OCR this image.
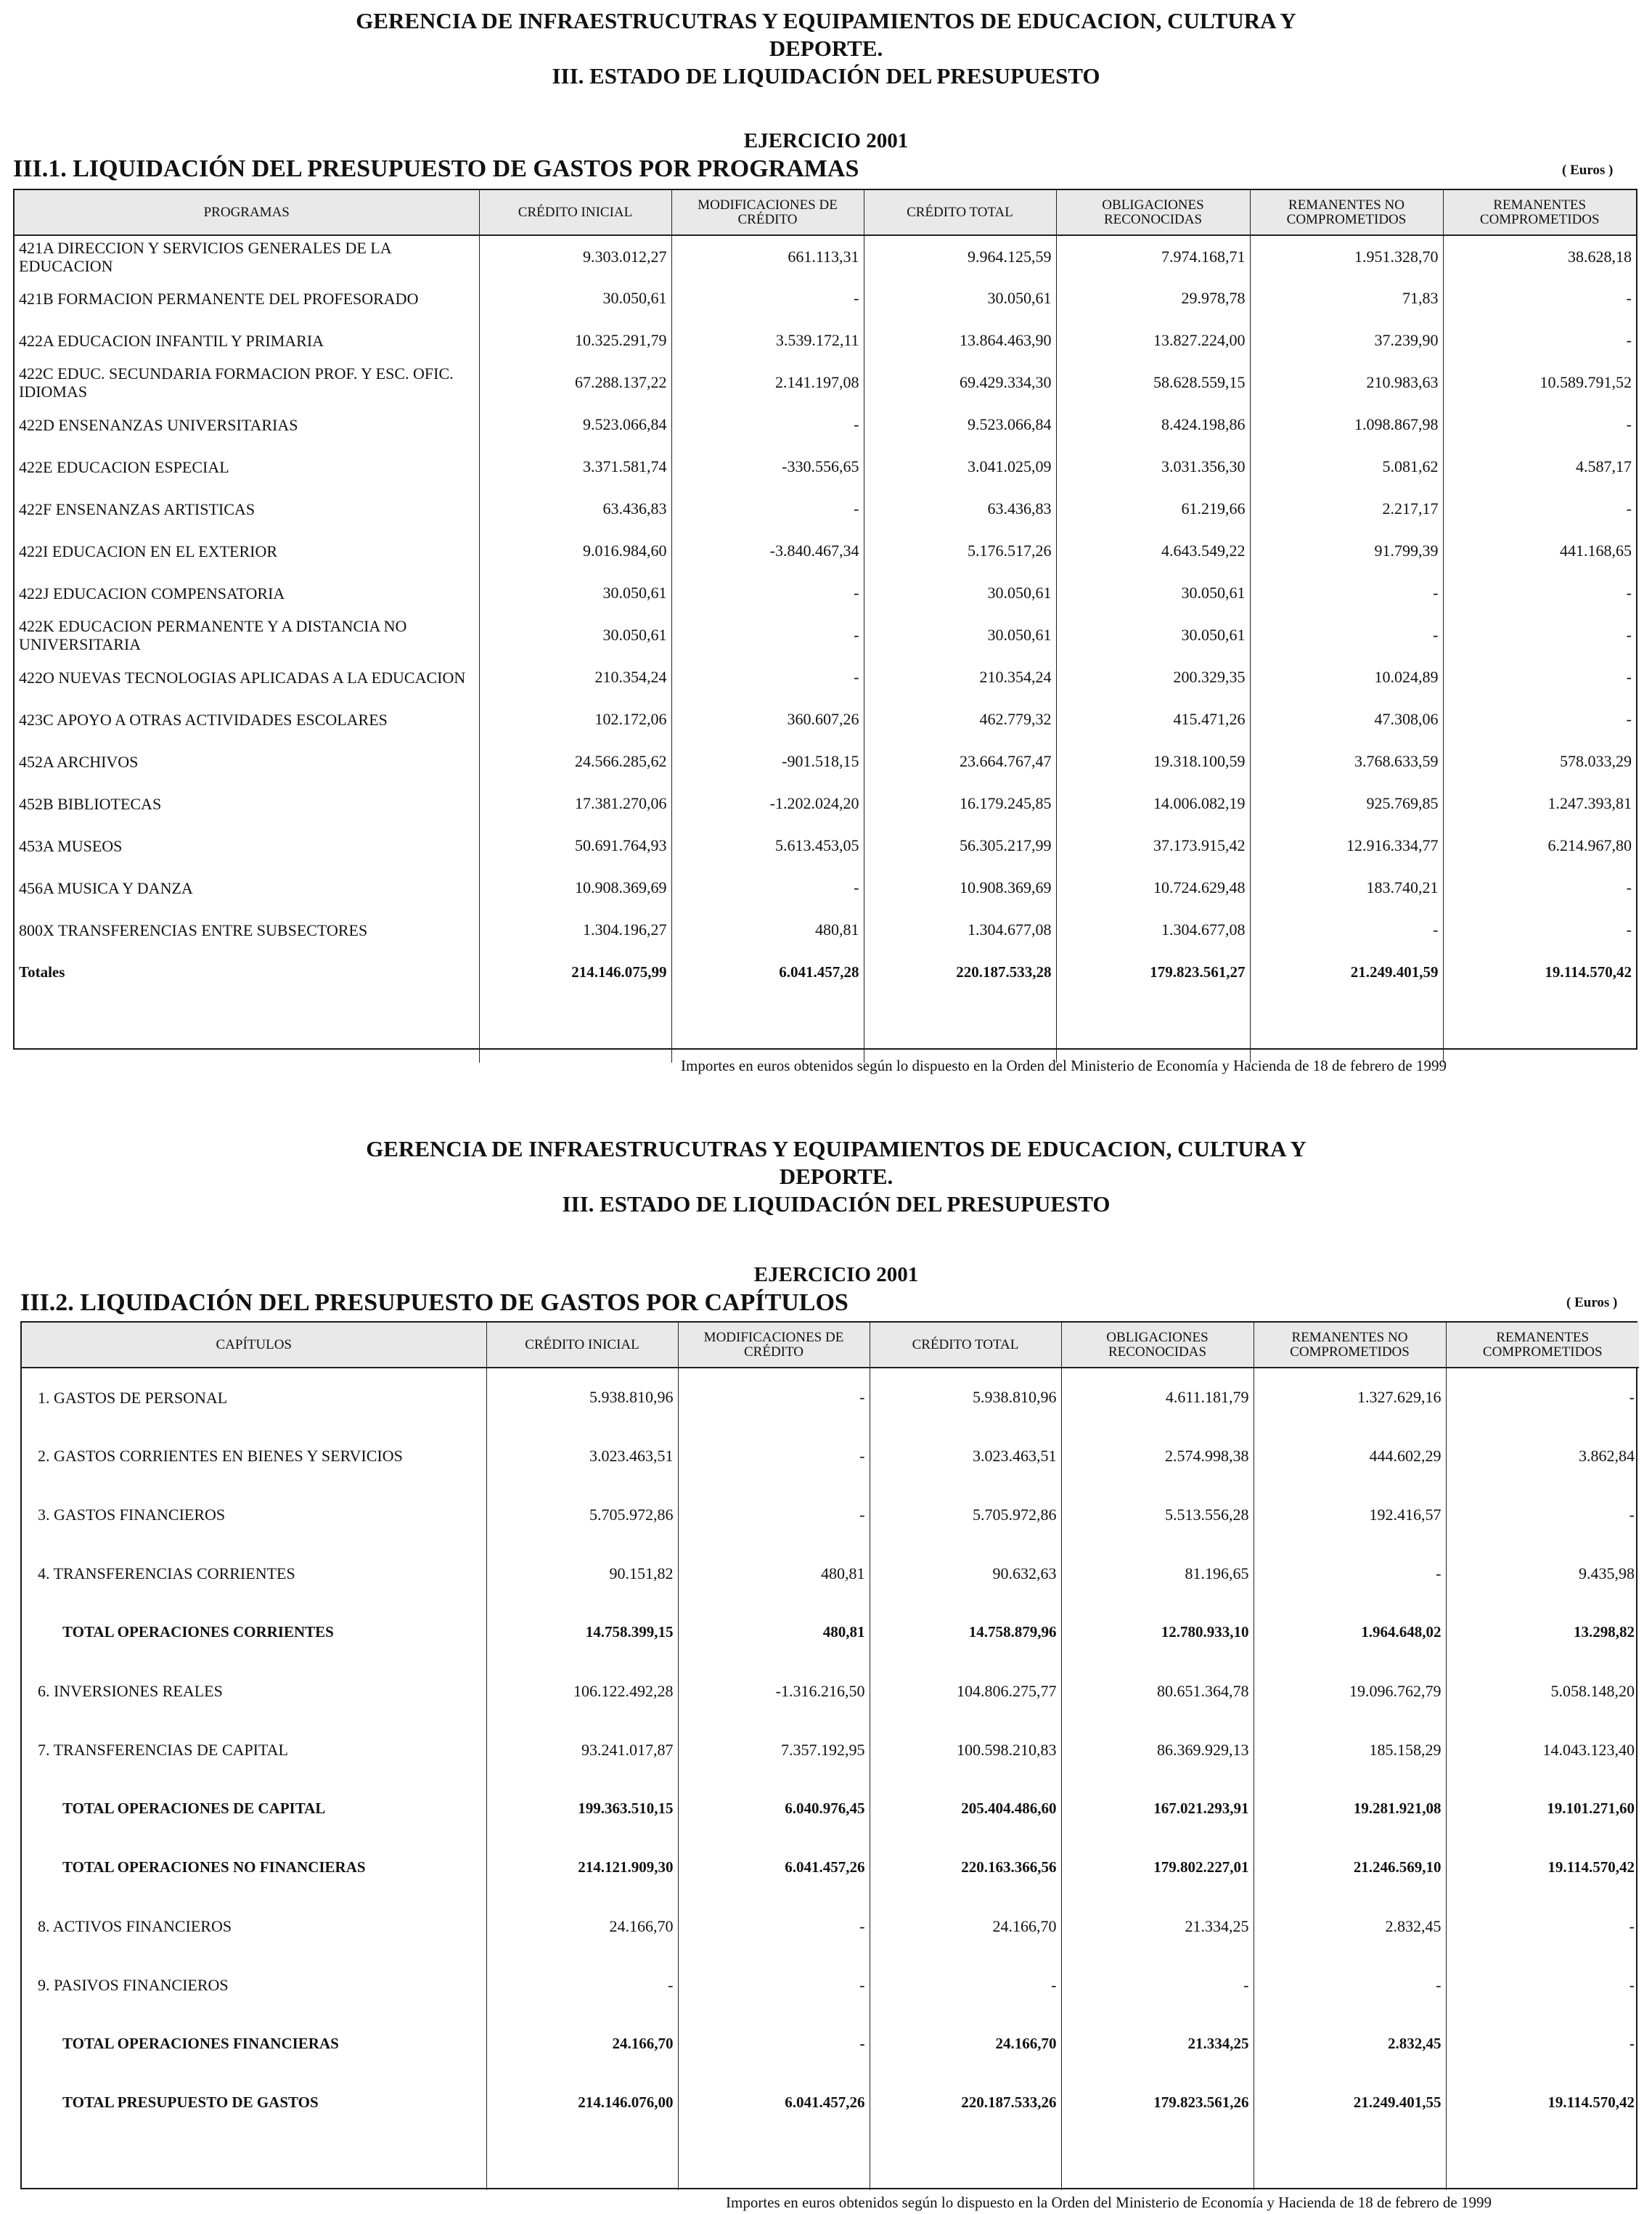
GERENCIA DE INFRAESTRUCUTRAS Y EQUIPAMIENTOS DE EDUCACION, CULTURA Y
DEPORTE.
III. ESTADO DE LIQUIDACIÓN DEL PRESUPUESTO
EJERCICIO 2001
III.1. LIQUIDACIÓN DEL PRESUPUESTO DE GASTOS POR PROGRAMAS	( Euros )
PROGRAMAS	CRÉDITO INICIAL	MODIFICACIONES DE CRÉDITO	CRÉDITO TOTAL	OBLIGACIONES RECONOCIDAS	REMANENTES NO COMPROMETIDOS	REMANENTES COMPROMETIDOS
421A DIRECCION Y SERVICIOS GENERALES DE LA EDUCACION	9.303.012,27	661.113,31	9.964.125,59	7.974.168,71	1.951.328,70	38.628,18
421B FORMACION PERMANENTE DEL PROFESORADO	30.050,61	-	30.050,61	29.978,78	71,83	-
422A EDUCACION INFANTIL Y PRIMARIA	10.325.291,79	3.539.172,11	13.864.463,90	13.827.224,00	37.239,90	-
422C EDUC. SECUNDARIA FORMACION PROF. Y ESC. OFIC. IDIOMAS	67.288.137,22	2.141.197,08	69.429.334,30	58.628.559,15	210.983,63	10.589.791,52
422D ENSENANZAS UNIVERSITARIAS	9.523.066,84	-	9.523.066,84	8.424.198,86	1.098.867,98	-
422E EDUCACION ESPECIAL	3.371.581,74	-330.556,65	3.041.025,09	3.031.356,30	5.081,62	4.587,17
422F ENSENANZAS ARTISTICAS	63.436,83	-	63.436,83	61.219,66	2.217,17	-
422I EDUCACION EN EL EXTERIOR	9.016.984,60	-3.840.467,34	5.176.517,26	4.643.549,22	91.799,39	441.168,65
422J EDUCACION COMPENSATORIA	30.050,61	-	30.050,61	30.050,61	-	-
422K EDUCACION PERMANENTE Y A DISTANCIA NO UNIVERSITARIA	30.050,61	-	30.050,61	30.050,61	-	-
422O NUEVAS TECNOLOGIAS APLICADAS A LA EDUCACION	210.354,24	-	210.354,24	200.329,35	10.024,89	-
423C APOYO A OTRAS ACTIVIDADES ESCOLARES	102.172,06	360.607,26	462.779,32	415.471,26	47.308,06	-
452A ARCHIVOS	24.566.285,62	-901.518,15	23.664.767,47	19.318.100,59	3.768.633,59	578.033,29
452B BIBLIOTECAS	17.381.270,06	-1.202.024,20	16.179.245,85	14.006.082,19	925.769,85	1.247.393,81
453A MUSEOS	50.691.764,93	5.613.453,05	56.305.217,99	37.173.915,42	12.916.334,77	6.214.967,80
456A MUSICA Y DANZA	10.908.369,69	-	10.908.369,69	10.724.629,48	183.740,21	-
800X TRANSFERENCIAS ENTRE SUBSECTORES	1.304.196,27	480,81	1.304.677,08	1.304.677,08	-	-
Totales	214.146.075,99	6.041.457,28	220.187.533,28	179.823.561,27	21.249.401,59	19.114.570,42

Importes en euros obtenidos según lo dispuesto en la Orden del Ministerio de Economía y Hacienda de 18 de febrero de 1999
GERENCIA DE INFRAESTRUCUTRAS Y EQUIPAMIENTOS DE EDUCACION, CULTURA Y
DEPORTE.
III. ESTADO DE LIQUIDACIÓN DEL PRESUPUESTO
EJERCICIO 2001
III.2. LIQUIDACIÓN DEL PRESUPUESTO DE GASTOS POR CAPÍTULOS	( Euros )
CAPÍTULOS	CRÉDITO INICIAL	MODIFICACIONES DE CRÉDITO	CRÉDITO TOTAL	OBLIGACIONES RECONOCIDAS	REMANENTES NO COMPROMETIDOS	REMANENTES COMPROMETIDOS
1. GASTOS DE PERSONAL	5.938.810,96	-	5.938.810,96	4.611.181,79	1.327.629,16	-
2. GASTOS CORRIENTES EN BIENES Y SERVICIOS	3.023.463,51	-	3.023.463,51	2.574.998,38	444.602,29	3.862,84
3. GASTOS FINANCIEROS	5.705.972,86	-	5.705.972,86	5.513.556,28	192.416,57	-
4. TRANSFERENCIAS CORRIENTES	90.151,82	480,81	90.632,63	81.196,65	-	9.435,98
TOTAL OPERACIONES CORRIENTES	14.758.399,15	480,81	14.758.879,96	12.780.933,10	1.964.648,02	13.298,82
6. INVERSIONES REALES	106.122.492,28	-1.316.216,50	104.806.275,77	80.651.364,78	19.096.762,79	5.058.148,20
7. TRANSFERENCIAS DE CAPITAL	93.241.017,87	7.357.192,95	100.598.210,83	86.369.929,13	185.158,29	14.043.123,40
TOTAL OPERACIONES DE CAPITAL	199.363.510,15	6.040.976,45	205.404.486,60	167.021.293,91	19.281.921,08	19.101.271,60
TOTAL OPERACIONES NO FINANCIERAS	214.121.909,30	6.041.457,26	220.163.366,56	179.802.227,01	21.246.569,10	19.114.570,42
8. ACTIVOS FINANCIEROS	24.166,70	-	24.166,70	21.334,25	2.832,45	-
9. PASIVOS FINANCIEROS	-	-	-	-	-	-
TOTAL OPERACIONES FINANCIERAS	24.166,70	-	24.166,70	21.334,25	2.832,45	-
TOTAL PRESUPUESTO DE GASTOS	214.146.076,00	6.041.457,26	220.187.533,26	179.823.561,26	21.249.401,55	19.114.570,42

Importes en euros obtenidos según lo dispuesto en la Orden del Ministerio de Economía y Hacienda de 18 de febrero de 1999
